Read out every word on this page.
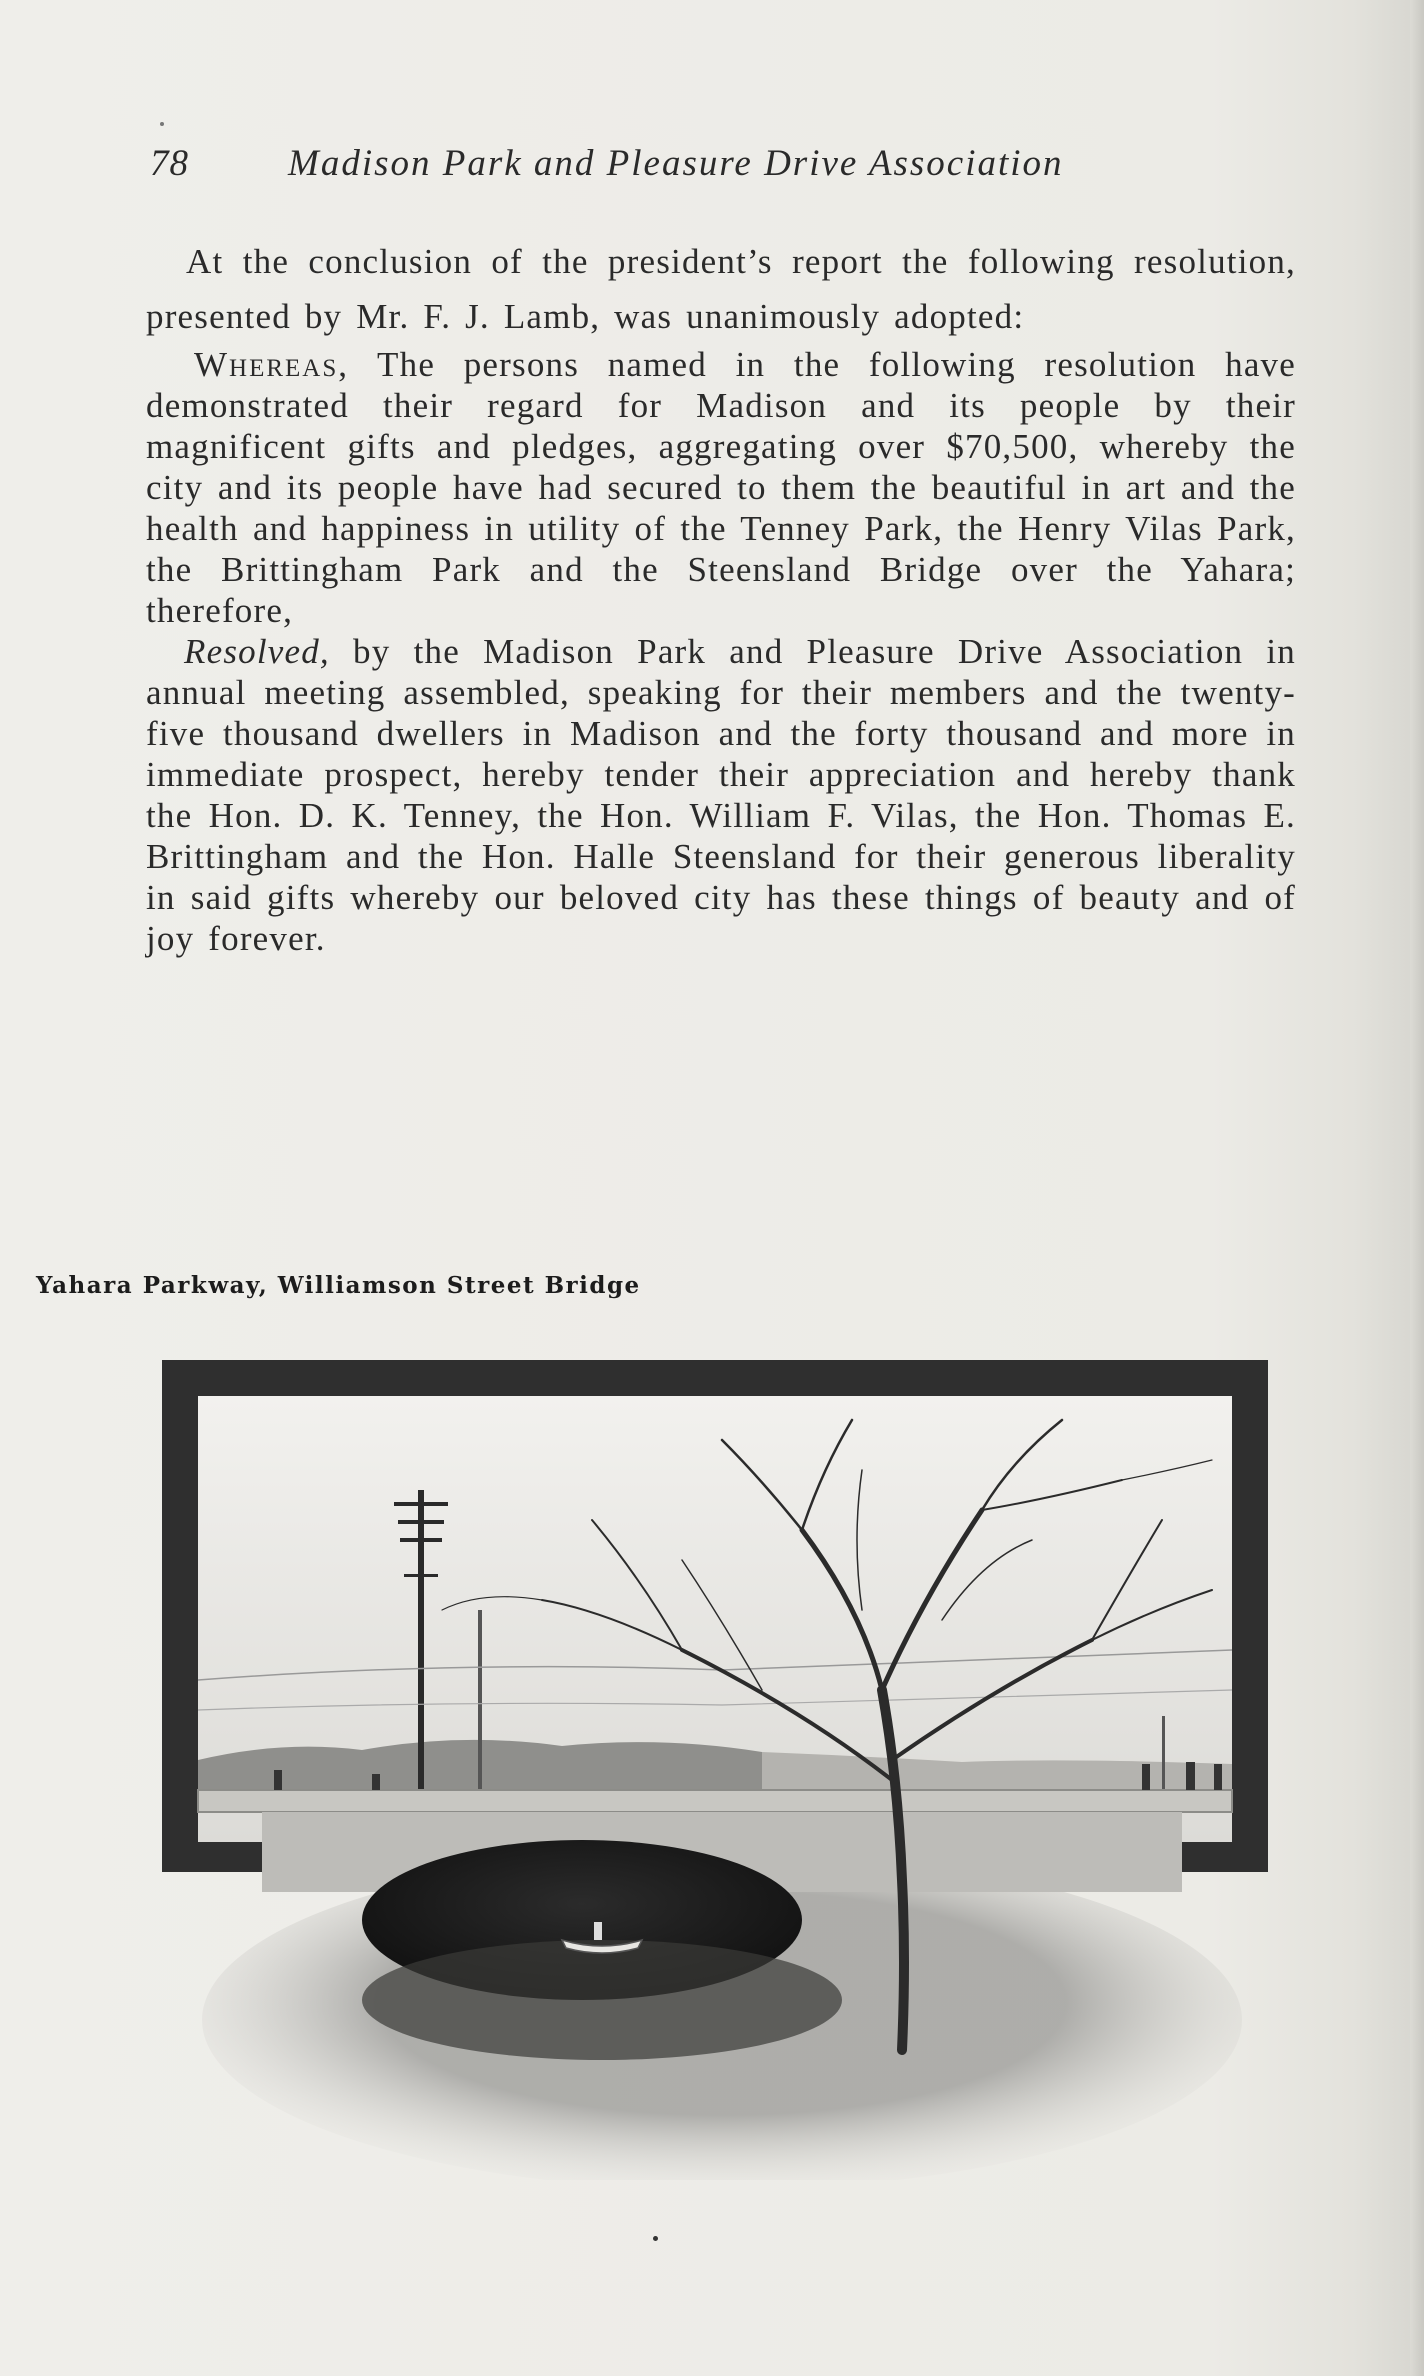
78	Madison Park and Pleasure Drive Association

At the conclusion of the president’s report the following resolution, presented by Mr. F. J. Lamb, was unanimously adopted:

Whereas, The persons named in the following resolution have demonstrated their regard for Madison and its people by their magnificent gifts and pledges, aggregating over $70,500, whereby the city and its people have had secured to them the beautiful in art and the health and happiness in utility of the Tenney Park, the Henry Vilas Park, the Brittingham Park and the Steensland Bridge over the Yahara; therefore,

Resolved, by the Madison Park and Pleasure Drive Association in annual meeting assembled, speaking for their members and the twenty-five thousand dwellers in Madison and the forty thousand and more in immediate prospect, hereby tender their appreciation and hereby thank the Hon. D. K. Tenney, the Hon. William F. Vilas, the Hon. Thomas E. Brittingham and the Hon. Halle Steensland for their generous liberality in said gifts whereby our beloved city has these things of beauty and of joy forever.

Yahara Parkway, Williamson Street Bridge
